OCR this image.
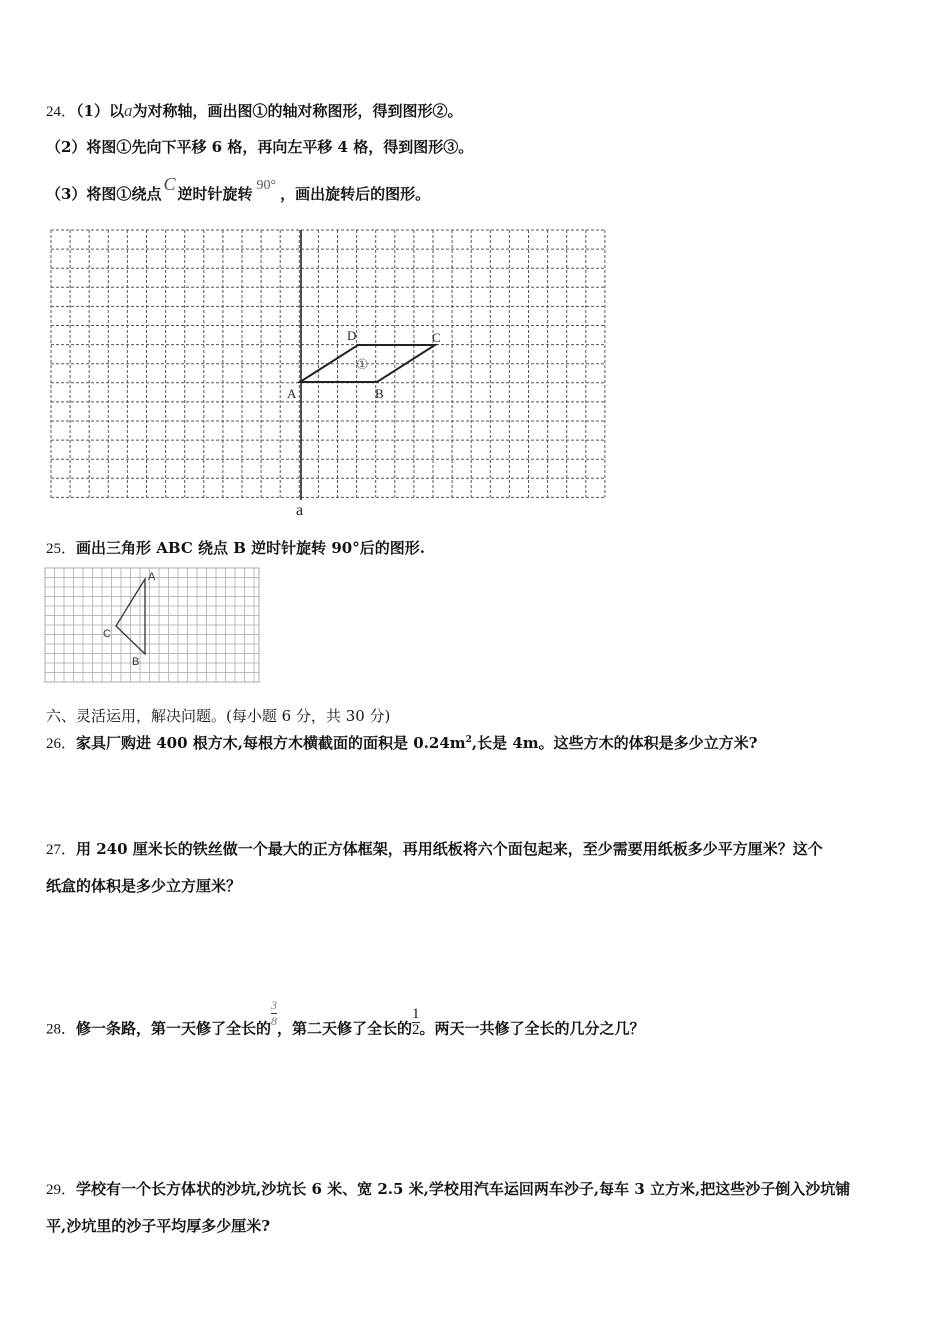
24．（1）以a为对称轴，画出图①的轴对称图形，得到图形②。
（2）将图①先向下平移 6 格，再向左平移 4 格，得到图形③。
（3）将图①绕点 C 逆时针旋转 90° ，画出旋转后的图形。
A	B
C
D
①
a
25．画出三角形 ABC 绕点 B 逆时针旋转 90°后的图形.
A
B
C
六、灵活运用，解决问题。(每小题 6 分，共 30 分)
26．家具厂购进 400 根方木,每根方木横截面的面积是 $0.24m^2$,长是 4m。这些方木的体积是多少立方米?
27．用 240 厘米长的铁丝做一个最大的正方体框架，再用纸板将六个面包起来，至少需要用纸板多少平方厘米？这个
纸盒的体积是多少立方厘米？
28．修一条路，第一天修了全长的
$\frac{3}{8}$
，第二天修了全长的 $\frac{1}{2}$ 。两天一共修了全长的几分之几？
29．学校有一个长方体状的沙坑,沙坑长 6 米、宽 2.5 米,学校用汽车运回两车沙子,每车 3 立方米,把这些沙子倒入沙坑铺
平,沙坑里的沙子平均厚多少厘米?
